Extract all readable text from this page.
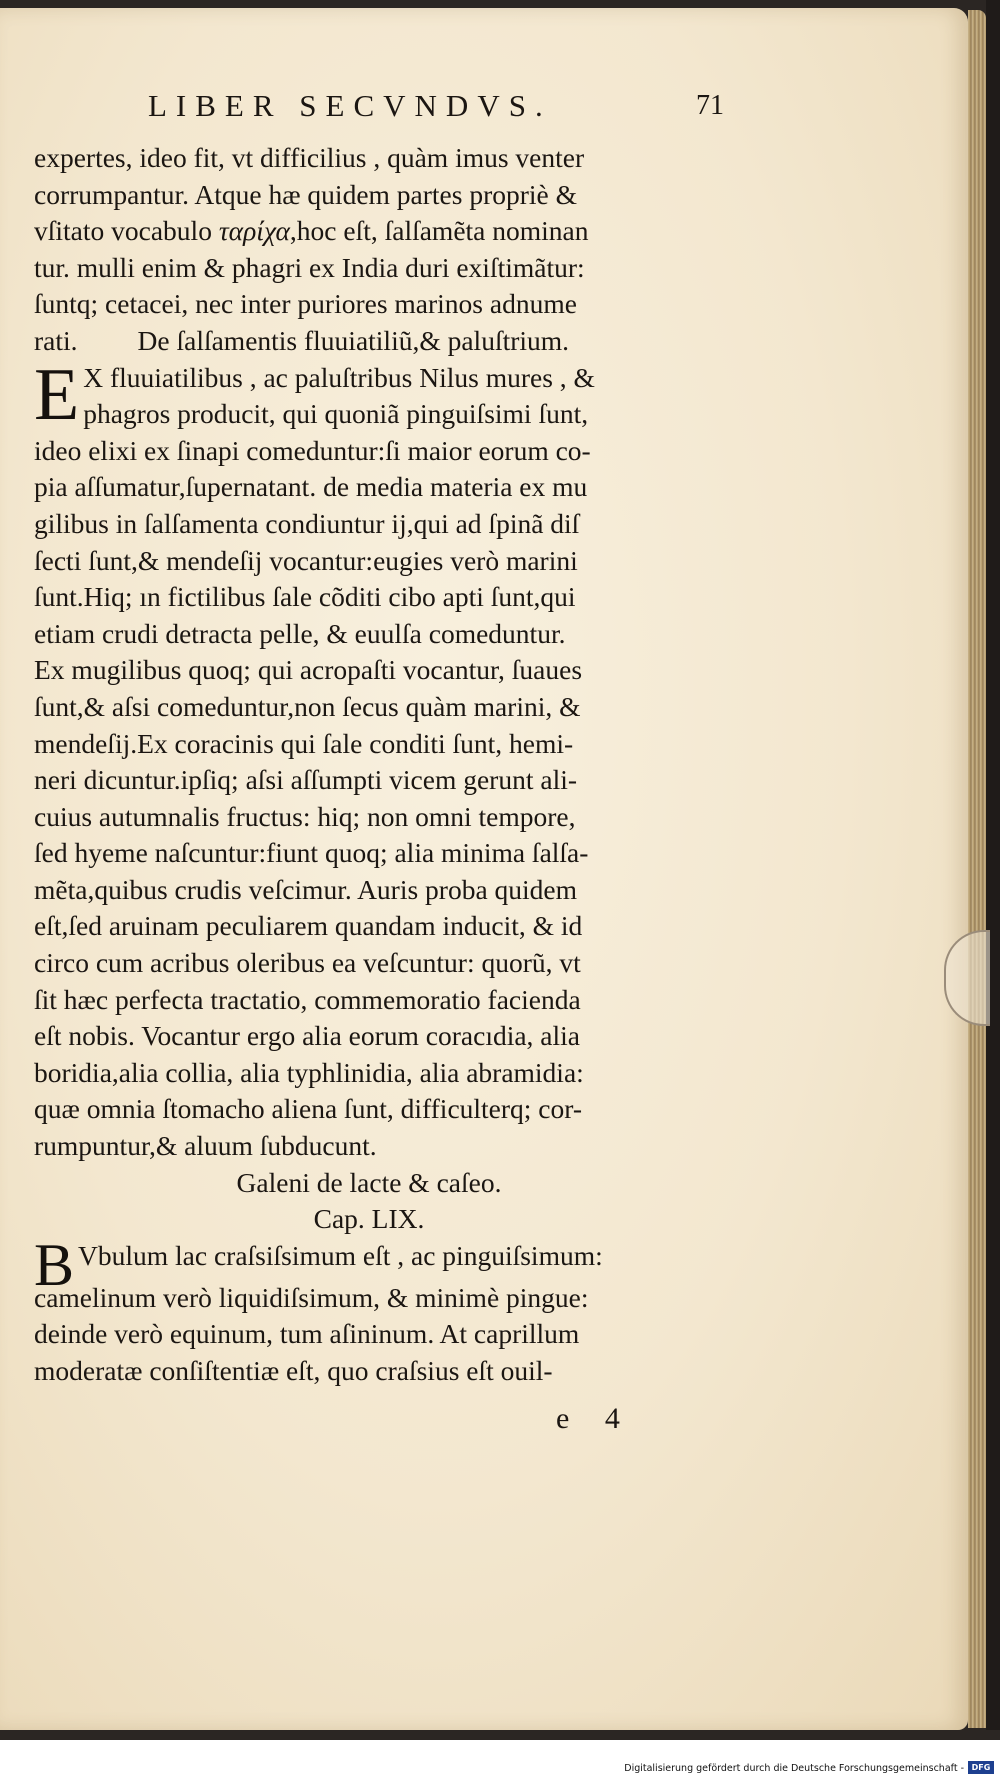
LIBER SECVNDVS.	71
expertes, ideo fit, vt difficilius , quàm imus venter
corrumpantur. Atque hæ quidem partes propriè &
vſitato vocabulo ταρίχα,hoc eſt, ſalſamẽta nominan
tur. mulli enim & phagri ex India duri exiſtimãtur:
ſuntq; cetacei, nec inter puriores marinos adnume
rati. De ſalſamentis fluuiatiliũ,& paluſtrium.
E X fluuiatilibus , ac paluſtribus Nilus mures , &
phagros producit, qui quoniã pinguiſsimi ſunt,
ideo elixi ex ſinapi comeduntur:ſi maior eorum co-
pia aſſumatur,ſupernatant. de media materia ex mu
gilibus in ſalſamenta condiuntur ij,qui ad ſpinã diſ
ſecti ſunt,& mendeſij vocantur:eugies verò marini
ſunt.Hiq; ın fictilibus ſale cõditi cibo apti ſunt,qui
etiam crudi detracta pelle, & euulſa comeduntur.
Ex mugilibus quoq; qui acropaſti vocantur, ſuaues
ſunt,& aſsi comeduntur,non ſecus quàm marini, &
mendeſij.Ex coracinis qui ſale conditi ſunt, hemi-
neri dicuntur.ipſiq; aſsi aſſumpti vicem gerunt ali-
cuius autumnalis fructus: hiq; non omni tempore,
ſed hyeme naſcuntur:fiunt quoq; alia minima ſalſa-
mẽta,quibus crudis veſcimur. Auris proba quidem
eſt,ſed aruinam peculiarem quandam inducit, & id
circo cum acribus oleribus ea veſcuntur: quorũ, vt
ſit hæc perfecta tractatio, commemoratio facienda
eſt nobis. Vocantur ergo alia eorum coracıdia, alia
boridia,alia collia, alia typhlinidia, alia abramidia:
quæ omnia ſtomacho aliena ſunt, difficulterq; cor-
rumpuntur,& aluum ſubducunt.
Galeni de lacte & caſeo.
Cap. LIX.
B Vbulum lac craſsiſsimum eſt , ac pinguiſsimum:
camelinum verò liquidiſsimum, & minimè pingue:
deinde verò equinum, tum aſininum. At caprillum
moderatæ conſiſtentiæ eſt, quo craſsius eſt ouil-
e 4
Digitalisierung gefördert durch die Deutsche Forschungsgemeinschaft - DFG
